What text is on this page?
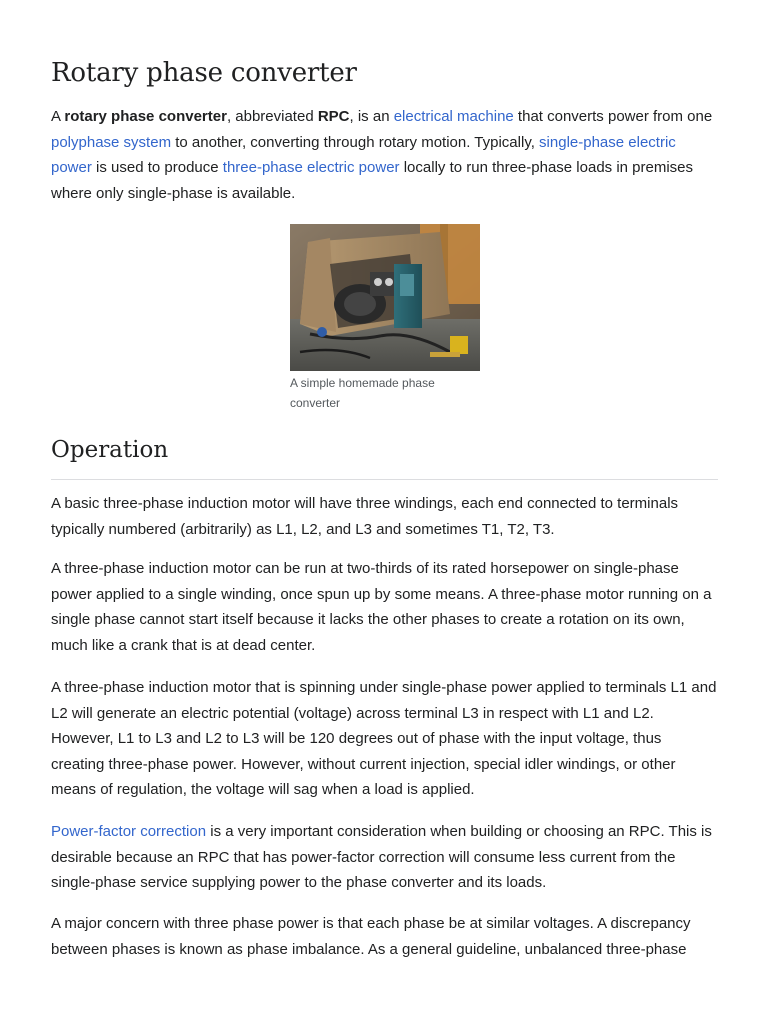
Rotary phase converter

A rotary phase converter, abbreviated RPC, is an electrical machine that converts power from one polyphase system to another, converting through rotary motion. Typically, single-phase electric power is used to produce three-phase electric power locally to run three-phase loads in premises where only single-phase is available.

A simple homemade phase converter
Operation

A basic three-phase induction motor will have three windings, each end connected to terminals typically numbered (arbitrarily) as L1, L2, and L3 and sometimes T1, T2, T3.

A three-phase induction motor can be run at two-thirds of its rated horsepower on single-phase power applied to a single winding, once spun up by some means. A three-phase motor running on a single phase cannot start itself because it lacks the other phases to create a rotation on its own, much like a crank that is at dead center.

A three-phase induction motor that is spinning under single-phase power applied to terminals L1 and L2 will generate an electric potential (voltage) across terminal L3 in respect with L1 and L2. However, L1 to L3 and L2 to L3 will be 120 degrees out of phase with the input voltage, thus creating three-phase power. However, without current injection, special idler windings, or other means of regulation, the voltage will sag when a load is applied.

Power-factor correction is a very important consideration when building or choosing an RPC. This is desirable because an RPC that has power-factor correction will consume less current from the single-phase service supplying power to the phase converter and its loads.

A major concern with three phase power is that each phase be at similar voltages. A discrepancy between phases is known as phase imbalance. As a general guideline, unbalanced three-phase
